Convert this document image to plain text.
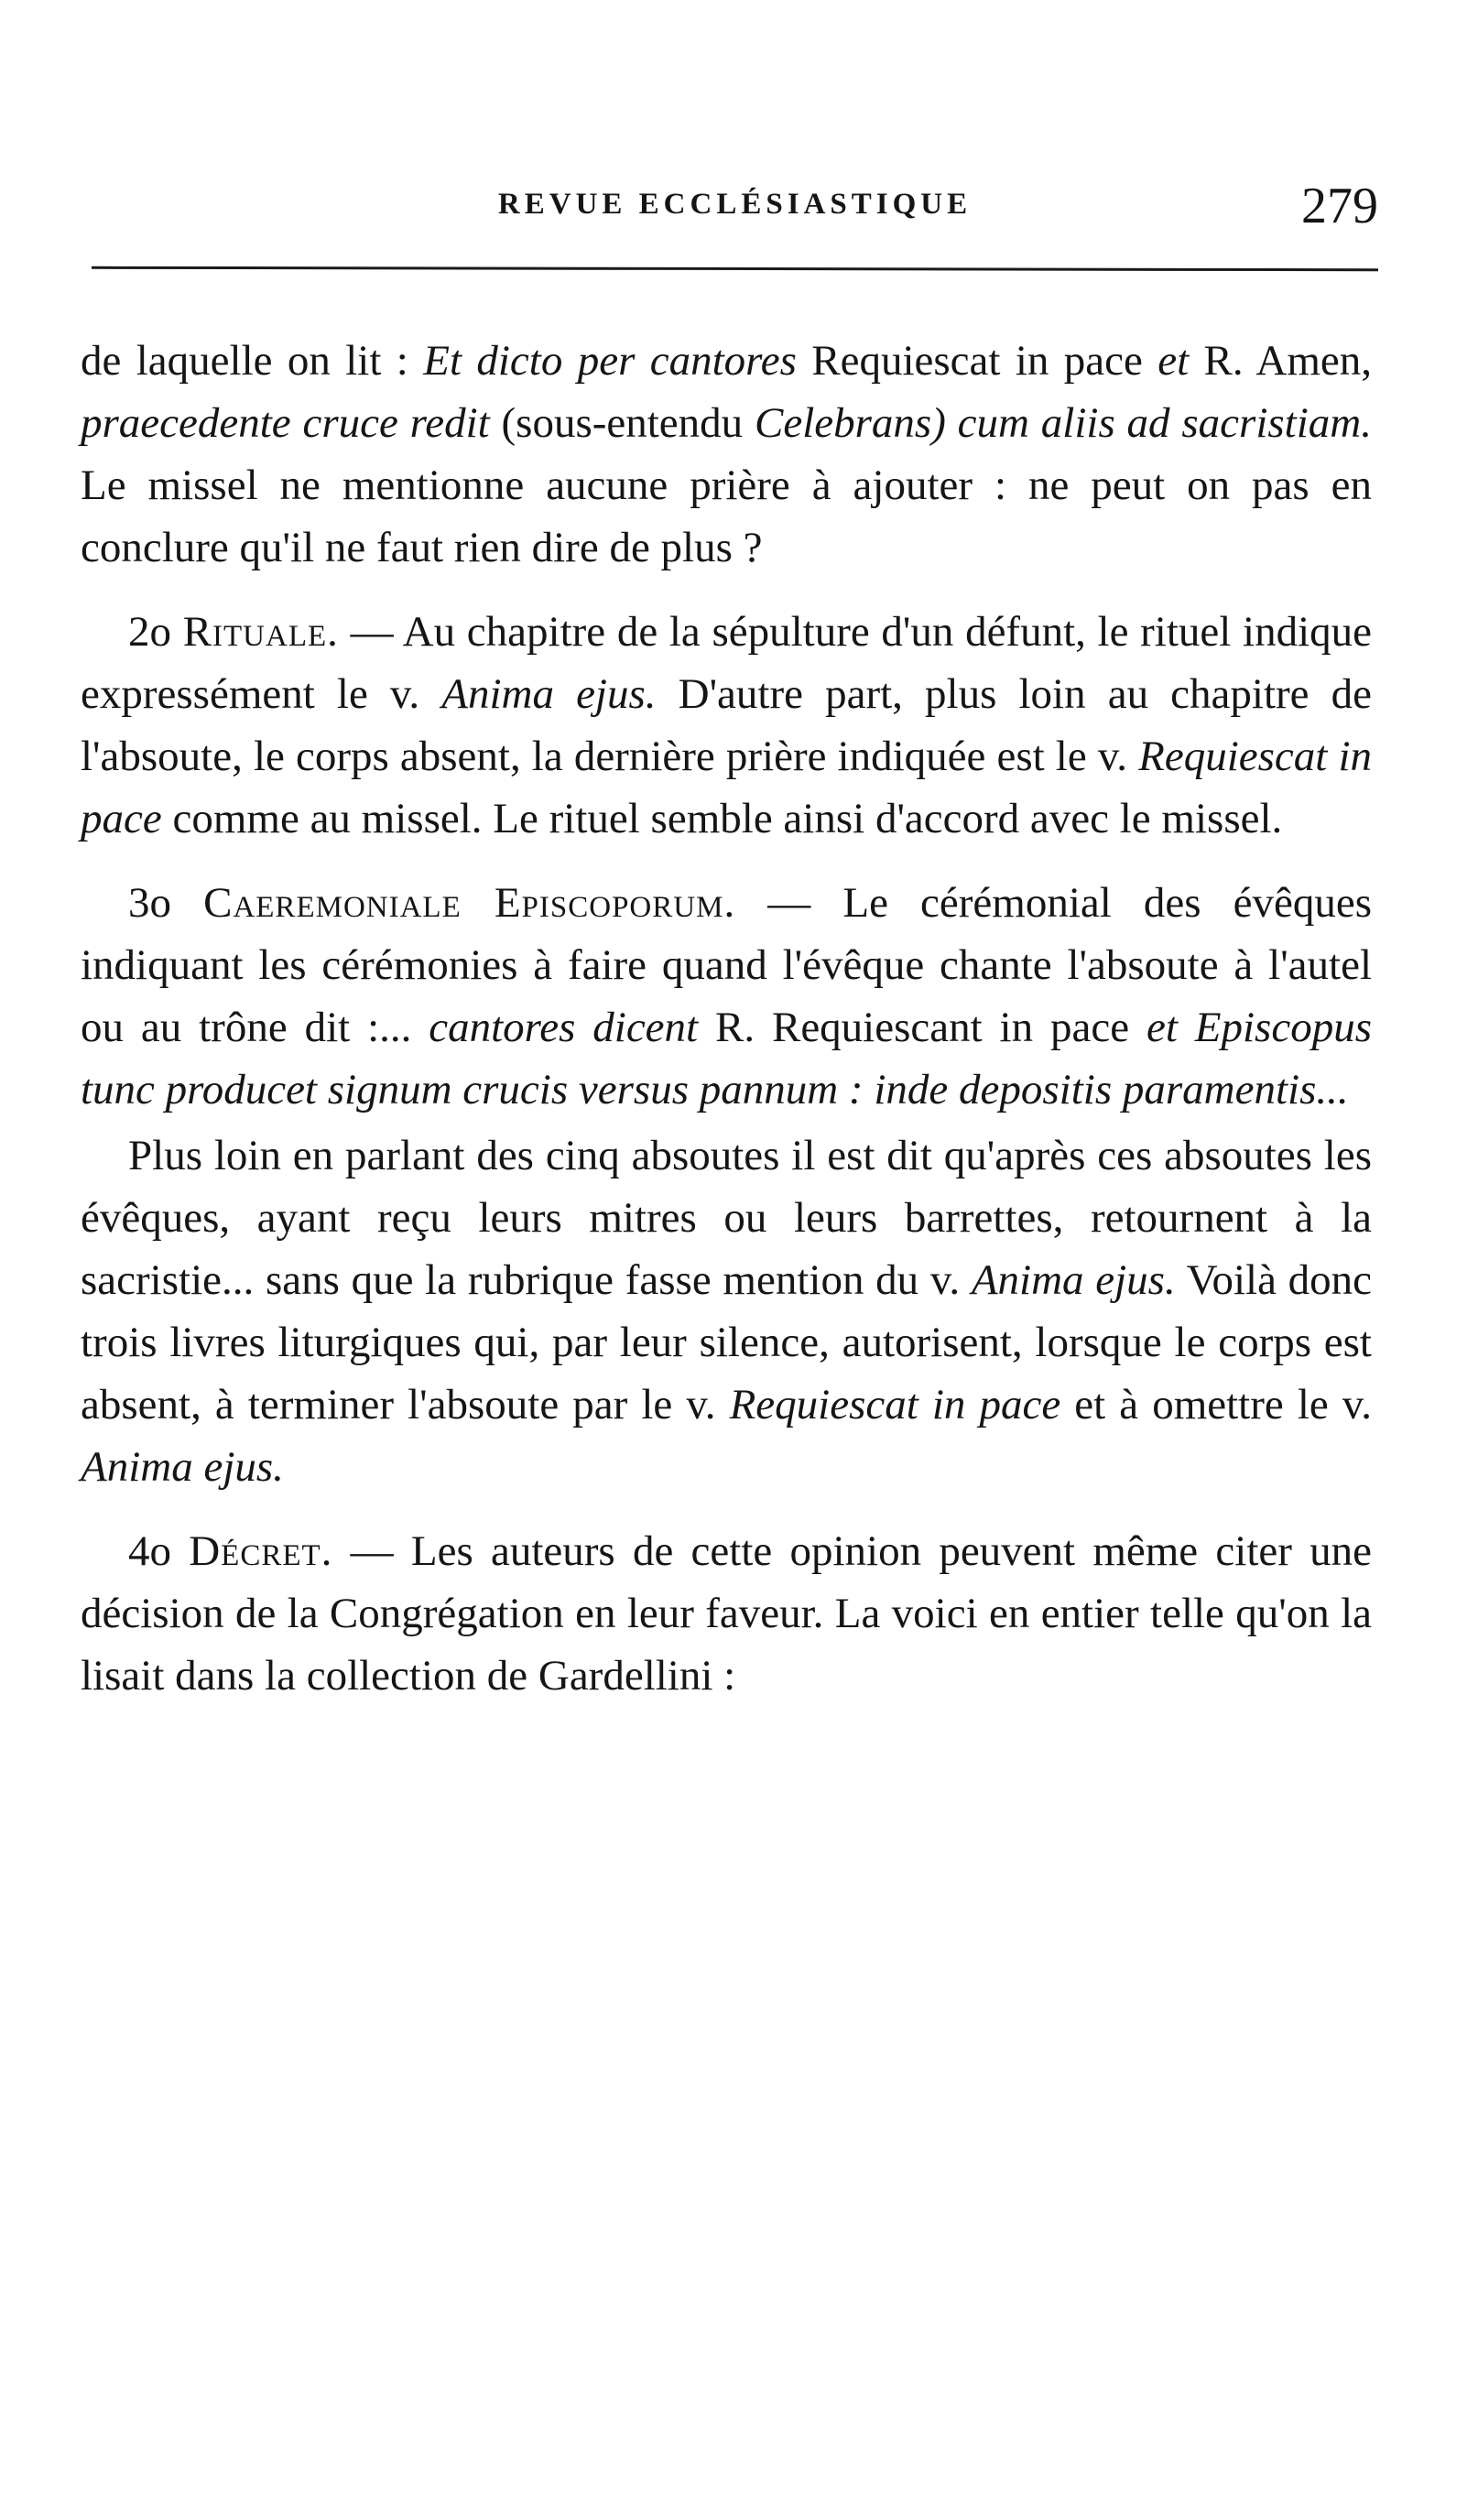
REVUE ECCLÉSIASTIQUE	279

de laquelle on lit : Et dicto per cantores Requiescat in pace et R. Amen, praecedente cruce redit (sous-entendu Celebrans) cum aliis ad sacristiam. Le missel ne mentionne aucune prière à ajouter : ne peut on pas en conclure qu'il ne faut rien dire de plus ?

2o Rituale. — Au chapitre de la sépulture d'un défunt, le rituel indique expressément le v. Anima ejus. D'autre part, plus loin au chapitre de l'absoute, le corps absent, la dernière prière indiquée est le v. Requiescat in pace comme au missel. Le rituel semble ainsi d'accord avec le missel.

3o Caeremoniale Episcoporum. — Le cérémonial des évêques indiquant les cérémonies à faire quand l'évêque chante l'absoute à l'autel ou au trône dit :... cantores dicent R. Requiescant in pace et Episcopus tunc producet signum crucis versus pannum : inde depositis paramentis...

Plus loin en parlant des cinq absoutes il est dit qu'après ces absoutes les évêques, ayant reçu leurs mitres ou leurs barrettes, retournent à la sacristie... sans que la rubrique fasse mention du v. Anima ejus. Voilà donc trois livres liturgiques qui, par leur silence, autorisent, lorsque le corps est absent, à terminer l'absoute par le v. Requiescat in pace et à omettre le v. Anima ejus.

4o Décret. — Les auteurs de cette opinion peuvent même citer une décision de la Congrégation en leur faveur. La voici en entier telle qu'on la lisait dans la collection de Gardellini :
